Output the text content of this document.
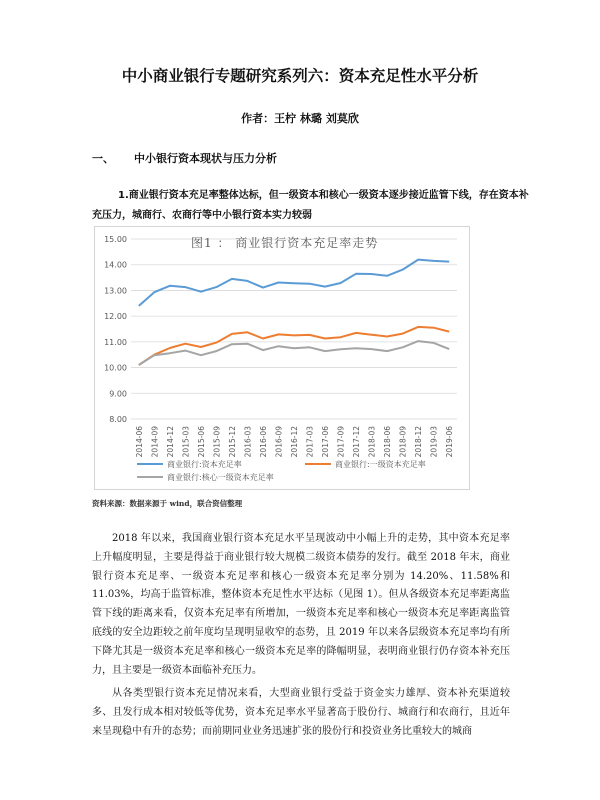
中小商业银行专题研究系列六：资本充足性水平分析
作者：王柠 林璐 刘莫欣
一、 中小银行资本现状与压力分析
1.商业银行资本充足率整体达标，但一级资本和核心一级资本逐步接近监管下线，存在资本补充压力，城商行、农商行等中小银行资本实力较弱
15.00
14.00
13.00
12.00
11.00
10.00
9.00
8.00
图1 ： 商业银行资本充足率走势
2014-06 2014-09 2014-12 2015-03 2015-06 2015-09 2015-12 2016-03 2016-06 2016-09 2016-12 2017-03 2017-06 2017-09 2017-12 2018-03 2018-06 2018-09 2018-12 2019-03 2019-06
商业银行:资本充足率	商业银行:一级资本充足率
商业银行:核心一级资本充足率
资料来源：数据来源于 wind，联合资信整理
2018 年以来，我国商业银行资本充足水平呈现波动中小幅上升的走势，其中资本充足率上升幅度明显，主要是得益于商业银行较大规模二级资本债券的发行。截至 2018 年末，商业银行资本充足率、一级资本充足率和核心一级资本充足率分别为 14.20%、11.58%和 11.03%，均高于监管标准，整体资本充足性水平达标（见图 1）。但从各级资本充足率距离监管下线的距离来看，仅资本充足率有所增加，一级资本充足率和核心一级资本充足率距离监管底线的安全边距较之前年度均呈现明显收窄的态势，且 2019 年以来各层级资本充足率均有所下降尤其是一级资本充足率和核心一级资本充足率的降幅明显，表明商业银行仍存资本补充压力，且主要是一级资本面临补充压力。
从各类型银行资本充足情况来看，大型商业银行受益于资金实力雄厚、资本补充渠道较多、且发行成本相对较低等优势，资本充足率水平显著高于股份行、城商行和农商行，且近年来呈现稳中有升的态势；而前期同业业务迅速扩张的股份行和投资业务比重较大的城商
